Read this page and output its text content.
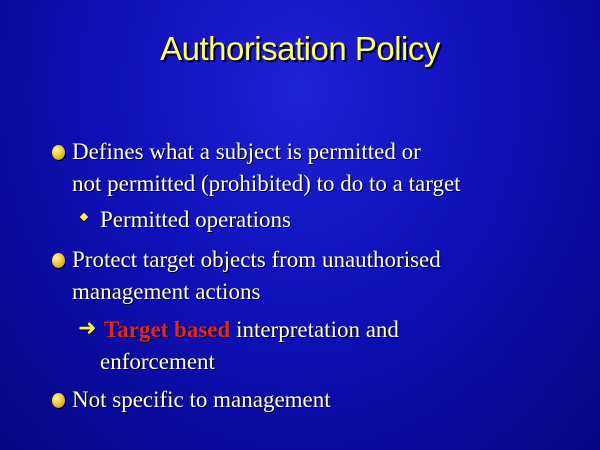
Authorisation Policy
Defines what a subject is permitted or
not permitted (prohibited) to do to a target
Permitted operations
Protect target objects from unauthorised
management actions
➜ Target based interpretation and
enforcement
Not specific to management
